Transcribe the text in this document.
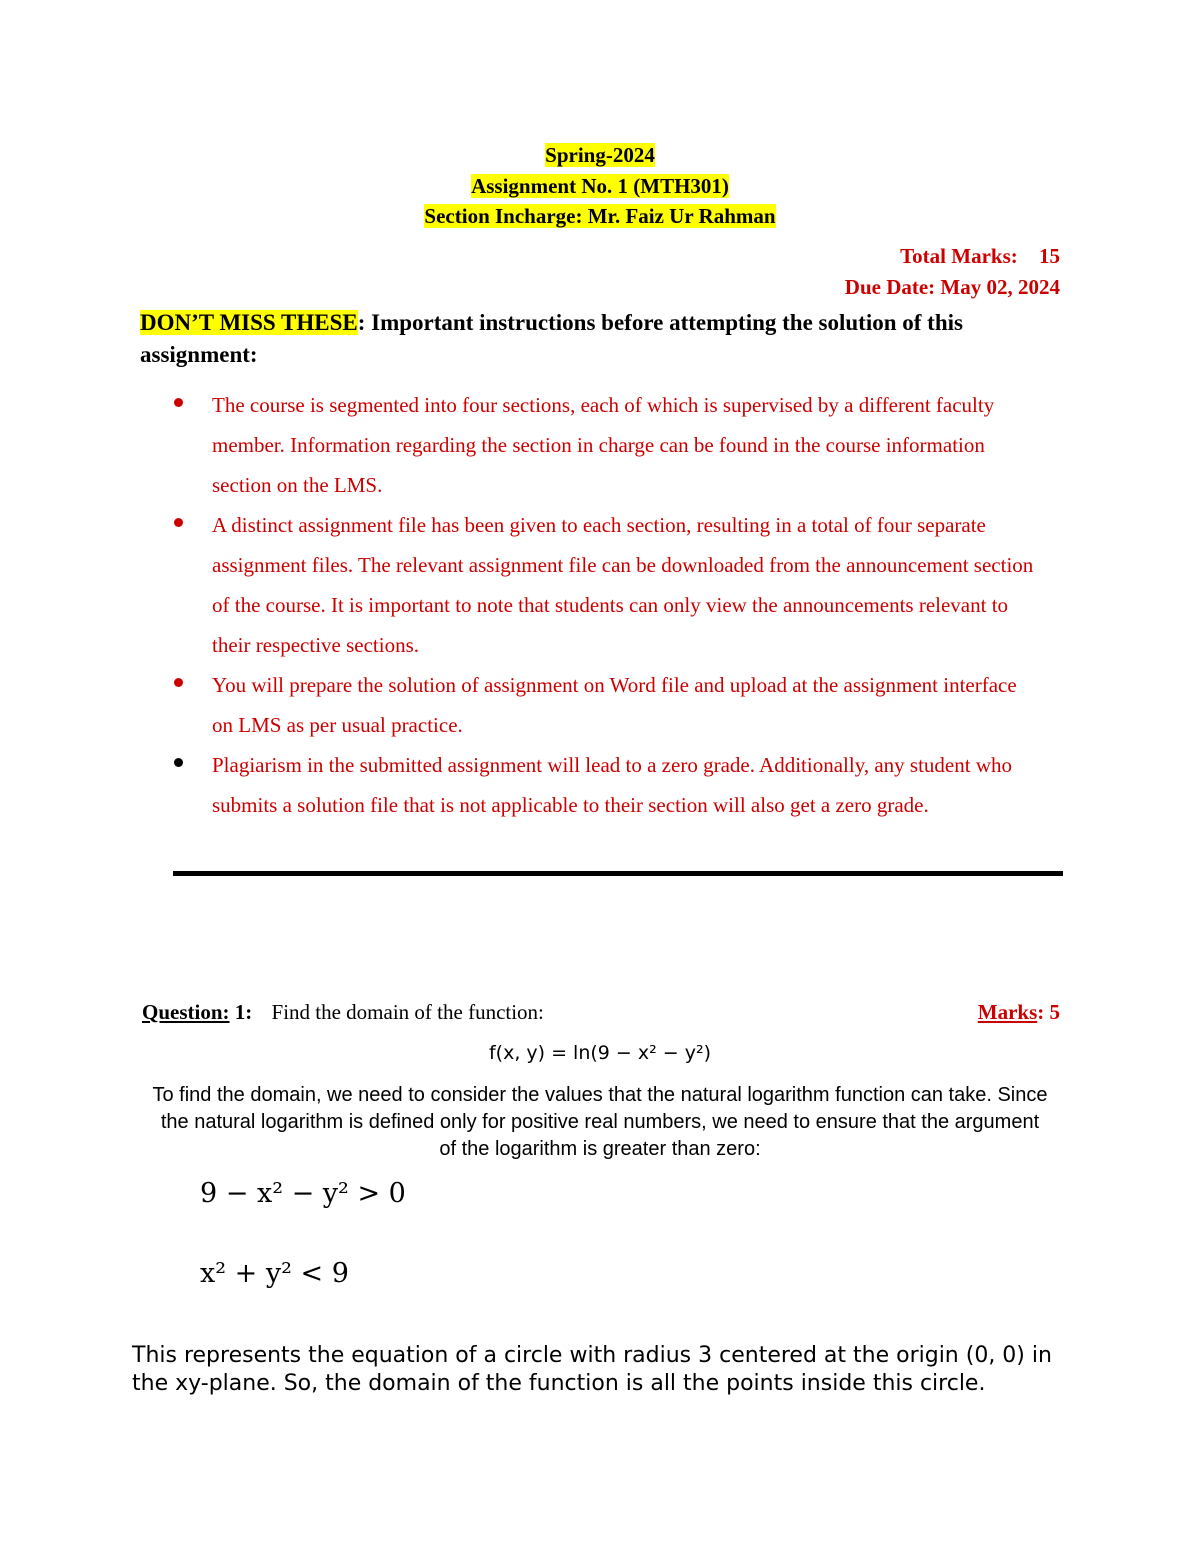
Spring-2024
Assignment No. 1 (MTH301)
Section Incharge: Mr. Faiz Ur Rahman
Total Marks: 15
Due Date: May 02, 2024
DON’T MISS THESE: Important instructions before attempting the solution of this assignment:
The course is segmented into four sections, each of which is supervised by a different faculty member. Information regarding the section in charge can be found in the course information section on the LMS.
A distinct assignment file has been given to each section, resulting in a total of four separate assignment files. The relevant assignment file can be downloaded from the announcement section of the course. It is important to note that students can only view the announcements relevant to their respective sections.
You will prepare the solution of assignment on Word file and upload at the assignment interface on LMS as per usual practice.
Plagiarism in the submitted assignment will lead to a zero grade. Additionally, any student who submits a solution file that is not applicable to their section will also get a zero grade.
Question: 1: Find the domain of the function:	Marks: 5
f(x, y) = ln(9 − x² − y²)
To find the domain, we need to consider the values that the natural logarithm function can take. Since the natural logarithm is defined only for positive real numbers, we need to ensure that the argument of the logarithm is greater than zero:
9 − x² − y² > 0
x² + y² < 9
This represents the equation of a circle with radius 3 centered at the origin (0, 0) in the xy-plane. So, the domain of the function is all the points inside this circle.
